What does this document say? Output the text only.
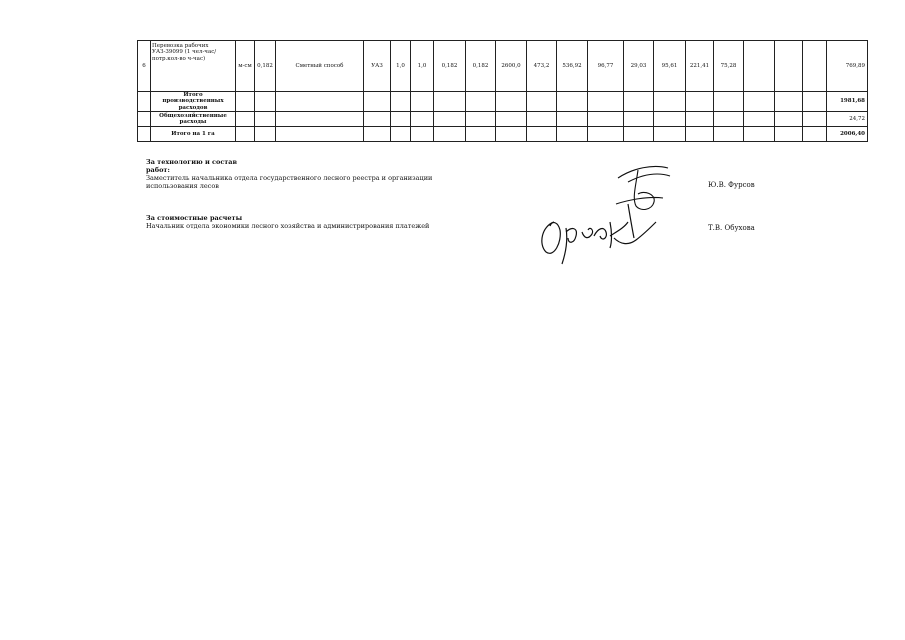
6	Перевозка рабочих УАЗ-39099 (1 чел-час/потр.кол-во ч-час)	м-см	0,182	Сметный способ	УАЗ	1,0	1,0	0,182	0,182	2600,0	473,2	536,92	96,77	29,03	95,61	221,41	75,28				769,89
	Итого производственных расходов																				1981,68
	Общехозяйственные расходы																				24,72
	Итого на 1 га																				2006,40
За технологию и состав работ:
Заместитель начальника отдела государственного лесного реестра и организации использования лесов	Ю.В. Фурсов
За стоимостные расчеты
Начальник отдела экономики лесного хозяйства и администрирования платежей	Т.В. Обухова
